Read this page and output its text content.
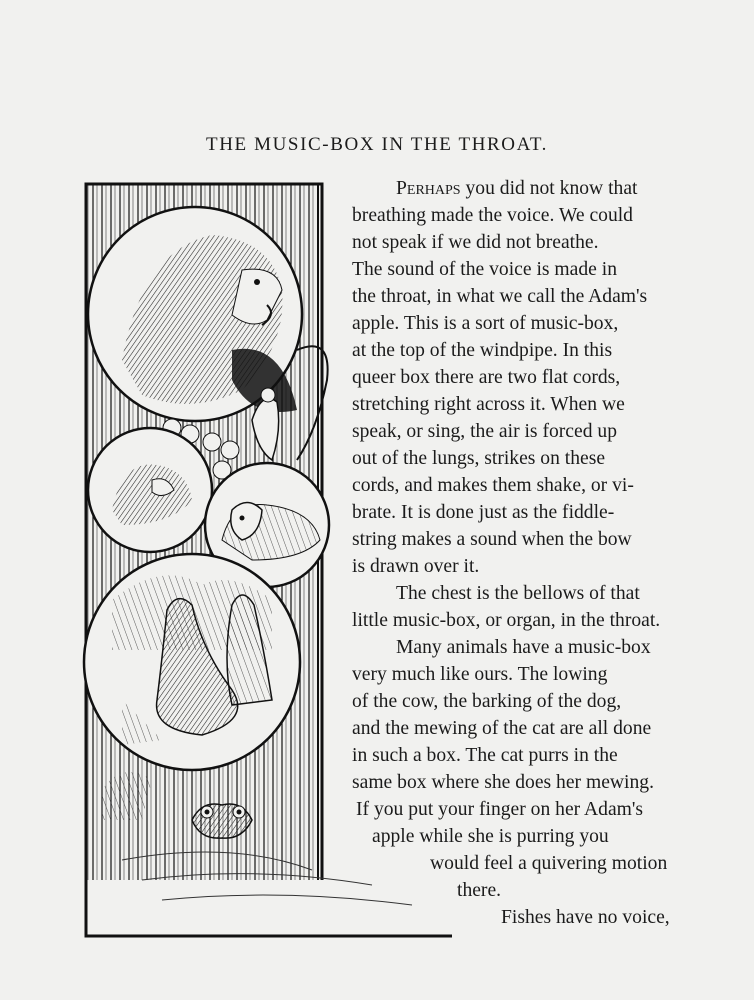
THE MUSIC-BOX IN THE THROAT.
Perhaps you did not know that
breathing made the voice. We could
not speak if we did not breathe.
The sound of the voice is made in
the throat, in what we call the Adam's
apple. This is a sort of music-box,
at the top of the windpipe. In this
queer box there are two flat cords,
stretching right across it. When we
speak, or sing, the air is forced up
out of the lungs, strikes on these
cords, and makes them shake, or vi-
brate. It is done just as the fiddle-
string makes a sound when the bow
is drawn over it.
The chest is the bellows of that
little music-box, or organ, in the throat.
Many animals have a music-box
very much like ours. The lowing
of the cow, the barking of the dog,
and the mewing of the cat are all done
in such a box. The cat purrs in the
same box where she does her mewing.
If you put your finger on her Adam's
apple while she is purring you
would feel a quivering motion
there.
Fishes have no voice,
